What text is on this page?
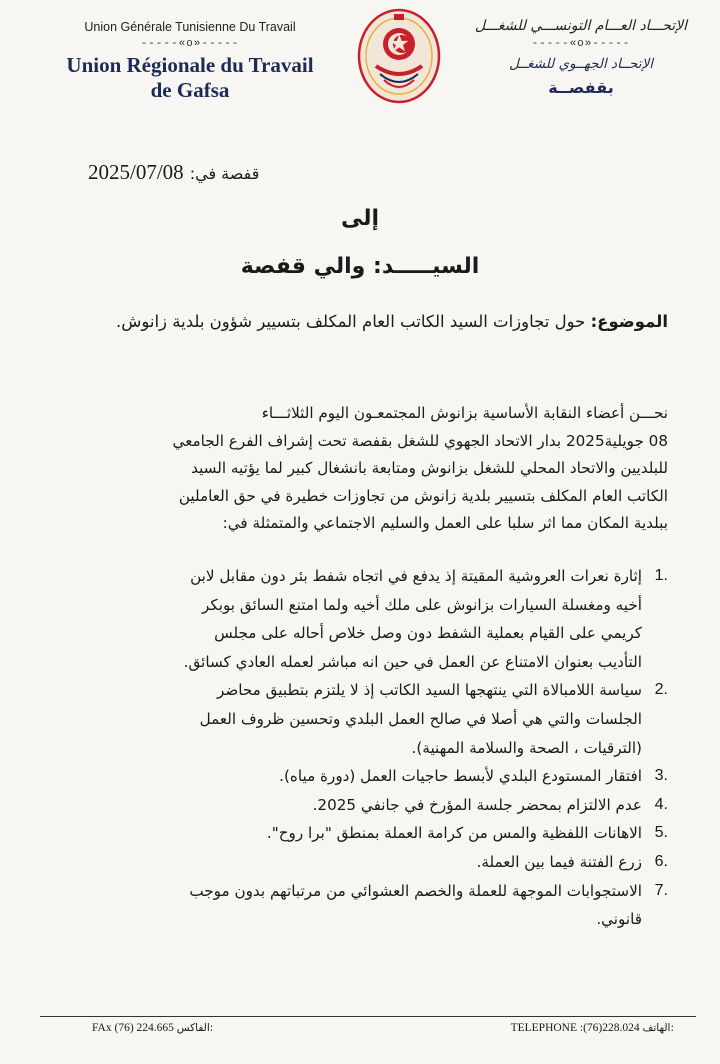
Union Générale Tunisienne Du Travail
-----«o»-----
Union Régionale du Travail
de Gafsa
الإتحـــاد العـــام التونســـي للشغـــل
-----«o»-----
الإتحــاد الجهــوي للشغــل
بقفصــة
قفصة في: 2025/07/08
إلى
السيـــــد: والي قفصة
الموضوع: حول تجاوزات السيد الكاتب العام المكلف بتسيير شؤون بلدية زانوش.
نحـــن أعضاء النقابة الأساسية بزانوش المجتمعـون اليوم الثلاثـــاء
08 جويلية2025 بدار الاتحاد الجهوي للشغل بقفصة تحت إشراف الفرع الجامعي
للبلديين والاتحاد المحلي للشغل بزانوش ومتابعة بانشغال كبير لما يؤتيه السيد
الكاتب العام المكلف بتسيير بلدية زانوش من تجاوزات خطيرة في حق العاملين
ببلدية المكان مما اثر سلبا على العمل والسليم الاجتماعي والمتمثلة في:
1.
إثارة نعرات العروشية المقيتة إذ يدفع في اتجاه شفط بئر دون مقابل لابن
أخيه ومغسلة السيارات بزانوش على ملك أخيه ولما امتنع السائق بوبكر
كريمي على القيام بعملية الشفط دون وصل خلاص أحاله على مجلس
التأديب بعنوان الامتناع عن العمل في حين انه مباشر لعمله العادي كسائق.
2.
سياسة اللامبالاة التي ينتهجها السيد الكاتب إذ لا يلتزم بتطبيق محاضر
الجلسات والتي هي أصلا في صالح العمل البلدي وتحسين ظروف العمل
(الترقيات ، الصحة والسلامة المهنية).
3.
افتقار المستودع البلدي لأبسط حاجيات العمل (دورة مياه).
4.
عدم الالتزام بمحضر جلسة المؤرخ في جانفي 2025.
5.
الاهانات اللفظية والمس من كرامة العملة بمنطق "برا روح".
6.
زرع الفتنة فيما بين العملة.
7.
الاستجوابات الموجهة للعملة والخصم العشوائي من مرتباتهم بدون موجب
قانوني.
FAx (76) 224.665 الفاكس:	TELEPHONE :(76)228.024 الهاتف:
